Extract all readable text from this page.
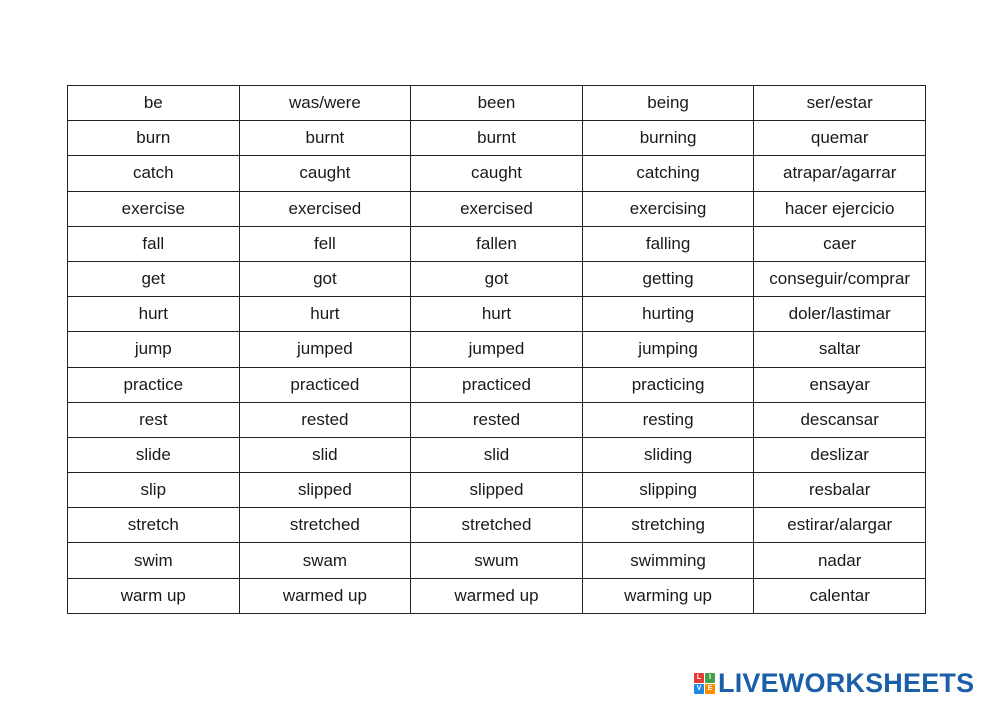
be	was/were	been	being	ser/estar
burn	burnt	burnt	burning	quemar
catch	caught	caught	catching	atrapar/agarrar
exercise	exercised	exercised	exercising	hacer ejercicio
fall	fell	fallen	falling	caer
get	got	got	getting	conseguir/comprar
hurt	hurt	hurt	hurting	doler/lastimar
jump	jumped	jumped	jumping	saltar
practice	practiced	practiced	practicing	ensayar
rest	rested	rested	resting	descansar
slide	slid	slid	sliding	deslizar
slip	slipped	slipped	slipping	resbalar
stretch	stretched	stretched	stretching	estirar/alargar
swim	swam	swum	swimming	nadar
warm up	warmed up	warmed up	warming up	calentar
L	I
V E LIVEWORKSHEETS
